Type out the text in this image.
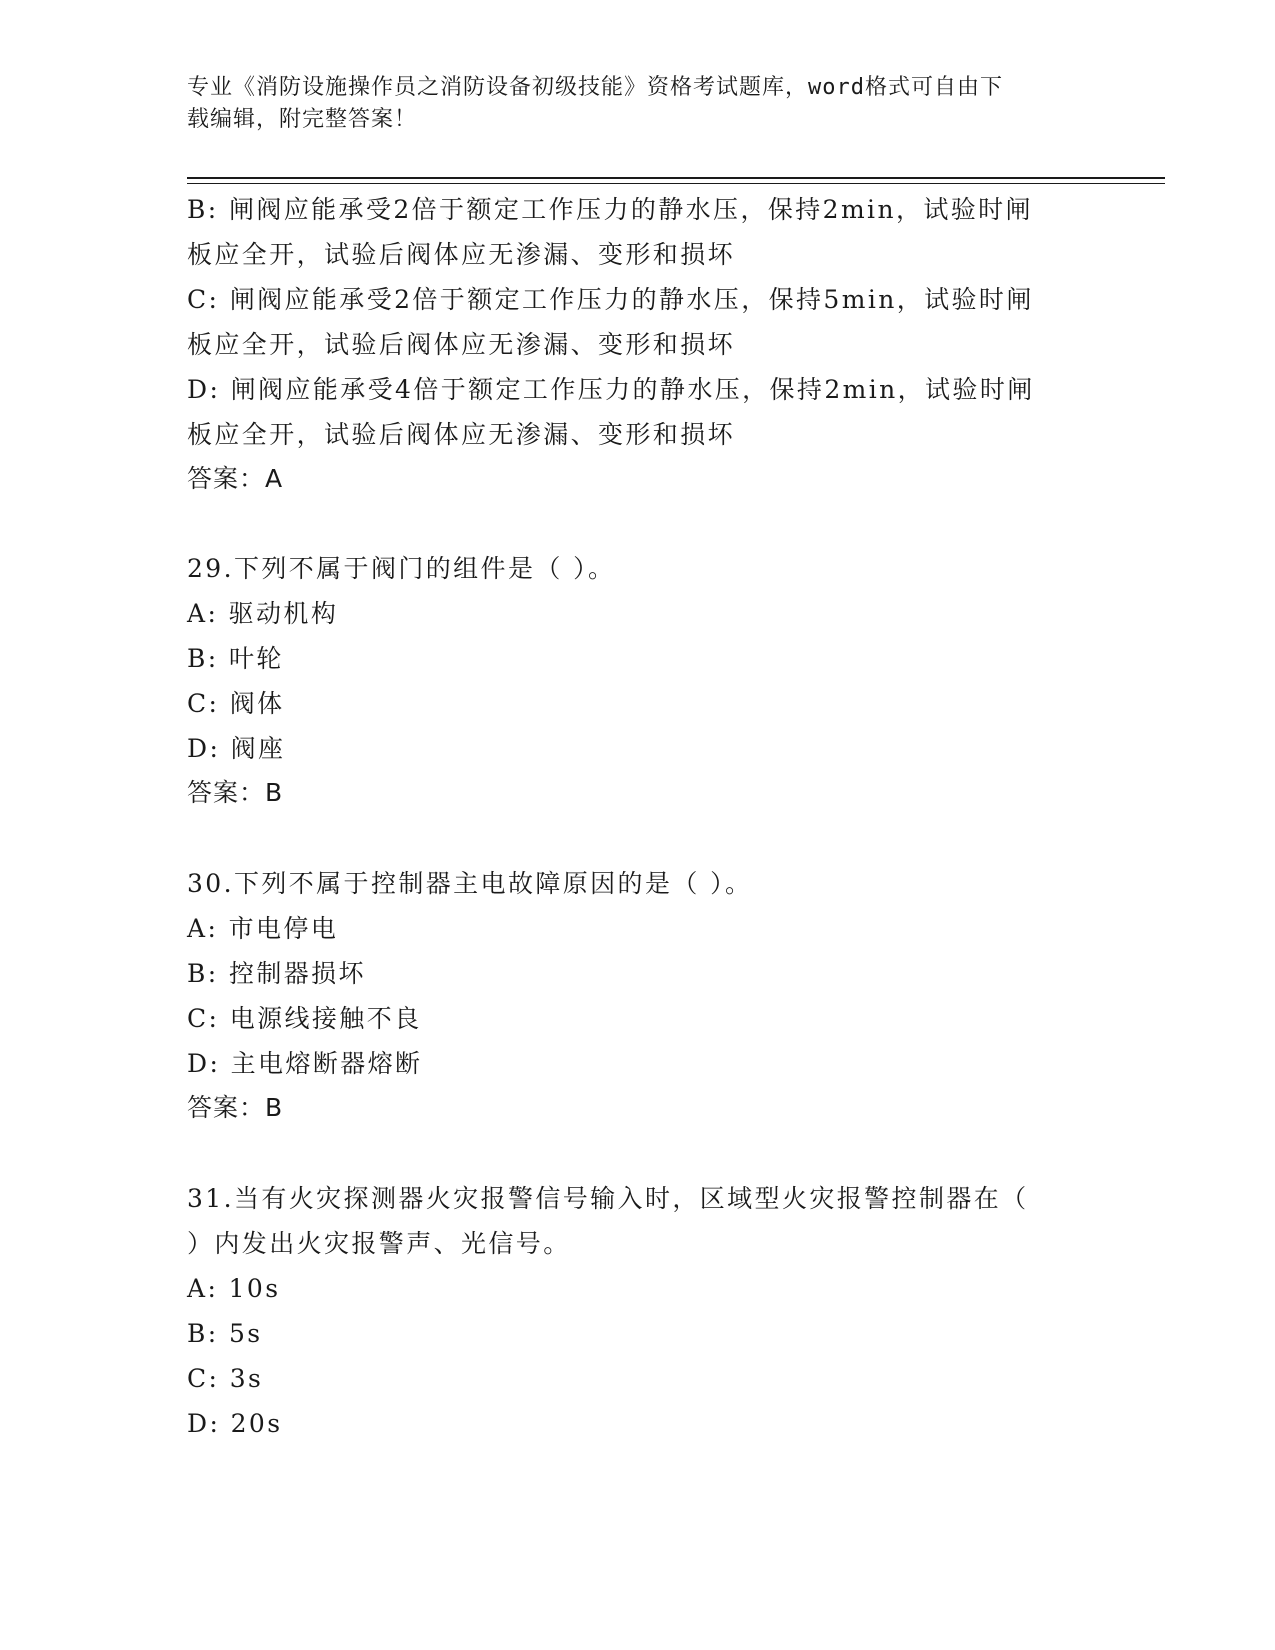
专业《消防设施操作员之消防设备初级技能》资格考试题库，word格式可自由下
载编辑，附完整答案！
B: 闸阀应能承受2倍于额定工作压力的静水压，保持2min，试验时闸
板应全开，试验后阀体应无渗漏、变形和损坏
C: 闸阀应能承受2倍于额定工作压力的静水压，保持5min，试验时闸
板应全开，试验后阀体应无渗漏、变形和损坏
D: 闸阀应能承受4倍于额定工作压力的静水压，保持2min，试验时闸
板应全开，试验后阀体应无渗漏、变形和损坏
答案：A
29.下列不属于阀门的组件是（ ）。
A: 驱动机构
B: 叶轮
C: 阀体
D: 阀座
答案：B
30.下列不属于控制器主电故障原因的是（ ）。
A: 市电停电
B: 控制器损坏
C: 电源线接触不良
D: 主电熔断器熔断
答案：B
31.当有火灾探测器火灾报警信号输入时，区域型火灾报警控制器在（
）内发出火灾报警声、光信号。
A: 10s
B: 5s
C: 3s
D: 20s
